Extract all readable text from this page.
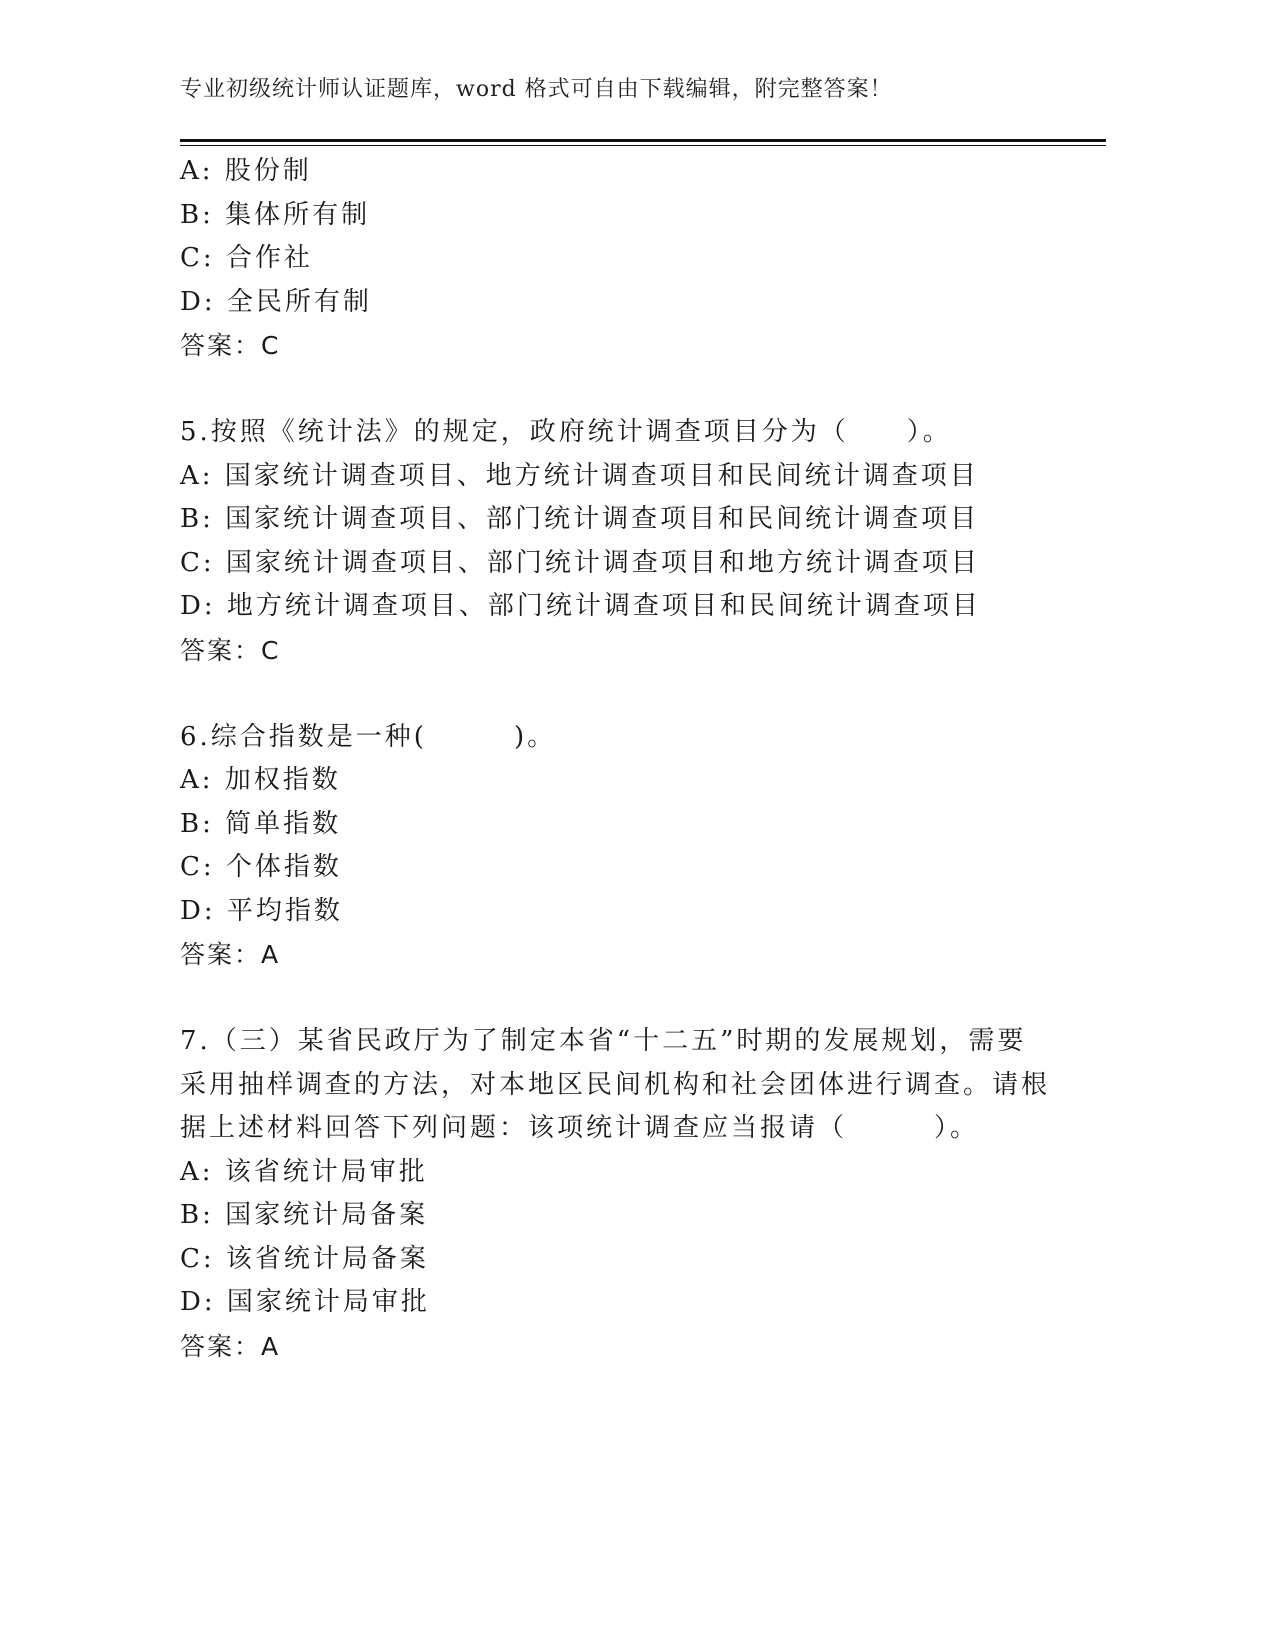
专业初级统计师认证题库，word 格式可自由下载编辑，附完整答案！
A: 股份制
B: 集体所有制
C: 合作社
D: 全民所有制
答案：C
5.按照《统计法》的规定，政府统计调查项目分为（　　）。
A: 国家统计调查项目、地方统计调查项目和民间统计调查项目
B: 国家统计调查项目、部门统计调查项目和民间统计调查项目
C: 国家统计调查项目、部门统计调查项目和地方统计调查项目
D: 地方统计调查项目、部门统计调查项目和民间统计调查项目
答案：C
6.综合指数是一种(　　　)。
A: 加权指数
B: 简单指数
C: 个体指数
D: 平均指数
答案：A
7.（三）某省民政厅为了制定本省“十二五”时期的发展规划，需要
采用抽样调查的方法，对本地区民间机构和社会团体进行调查。请根
据上述材料回答下列问题：该项统计调查应当报请（　　　）。
A: 该省统计局审批
B: 国家统计局备案
C: 该省统计局备案
D: 国家统计局审批
答案：A
